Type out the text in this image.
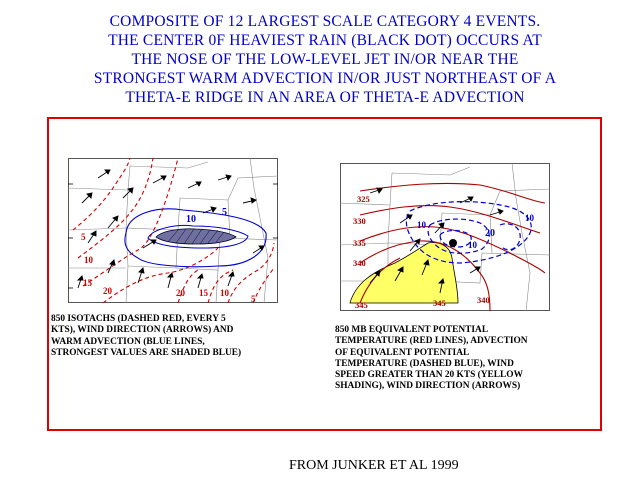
COMPOSITE OF 12 LARGEST SCALE CATEGORY 4 EVENTS.
THE CENTER 0F HEAVIEST RAIN (BLACK DOT) OCCURS AT
THE NOSE OF THE LOW-LEVEL JET IN/OR NEAR THE
STRONGEST WARM ADVECTION IN/OR JUST NORTHEAST OF A
THETA-E RIDGE IN AN AREA OF THETA-E ADVECTION
5
10
15
20	20 15 10
5
10
5
850 ISOTACHS (DASHED RED, EVERY 5
KTS), WIND DIRECTION (ARROWS) AND
WARM ADVECTION (BLUE LINES,
STRONGEST VALUES ARE SHADED BLUE)
325
330
335
340
345	345	340
10
20
10
10
850 MB EQUIVALENT POTENTIAL
TEMPERATURE (RED LINES), ADVECTION
OF EQUIVALENT POTENTIAL
TEMPERATURE (DASHED BLUE), WIND
SPEED GREATER THAN 20 KTS (YELLOW
SHADING), WIND DIRECTION (ARROWS)
FROM JUNKER ET AL 1999
